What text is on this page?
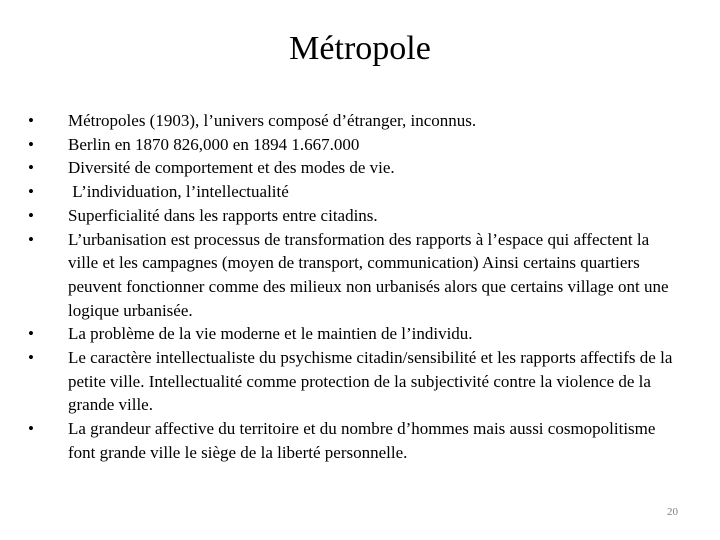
Métropole
•	Métropoles (1903), l’univers composé d’étranger, inconnus.
•	Berlin en 1870 826,000 en 1894 1.667.000
•	Diversité de comportement et des modes de vie.
•	L’individuation, l’intellectualité
•	Superficialité dans les rapports entre citadins.
•	L’urbanisation est processus de transformation des rapports à l’espace qui affectent la ville et les campagnes (moyen de transport, communication) Ainsi certains quartiers peuvent fonctionner comme des milieux non urbanisés alors que certains village ont une logique urbanisée.
•	La problème de la vie moderne et le maintien de l’individu.
•	Le caractère intellectualiste du psychisme citadin/sensibilité et les rapports affectifs de la petite ville. Intellectualité comme protection de la subjectivité contre la violence de la grande ville.
•	La grandeur affective du territoire et du nombre d’hommes mais aussi cosmopolitisme font grande ville le siège de la liberté personnelle.
20
